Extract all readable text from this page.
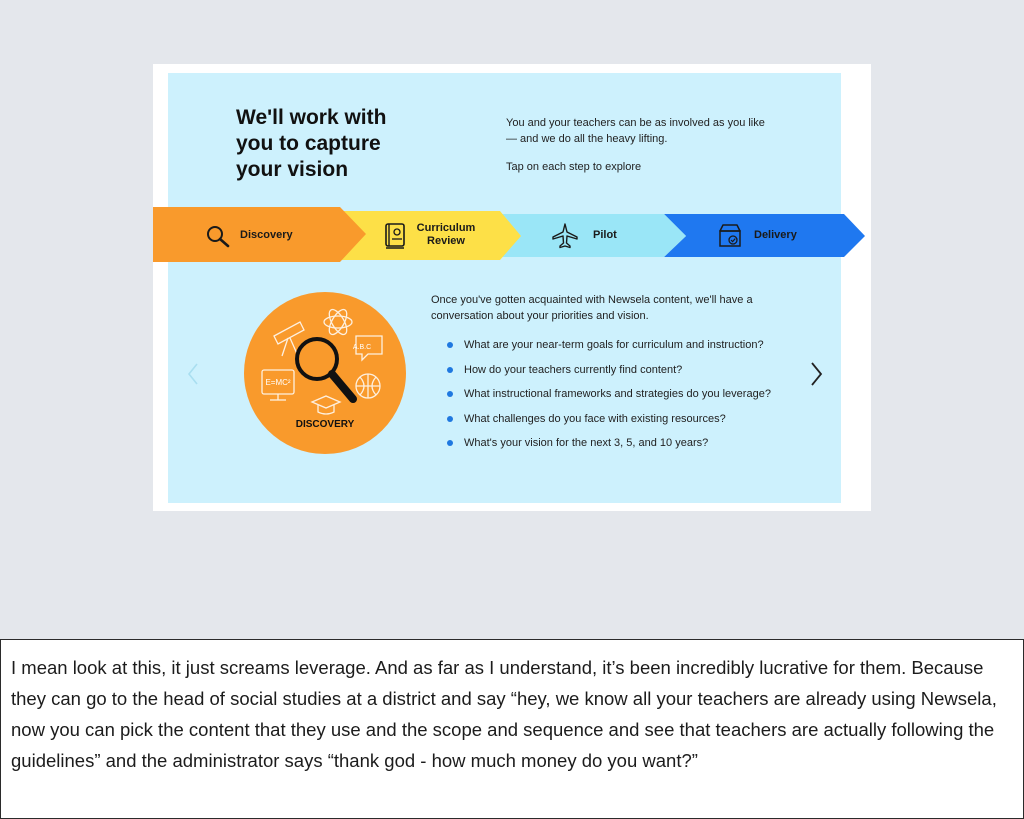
We'll work with
you to capture
your vision
You and your teachers can be as involved as you like — and we do all the heavy lifting.
Tap on each step to explore
Discovery
Curriculum Review	Pilot	Delivery
A.B.C
E=MC²
DISCOVERY

Once you've gotten acquainted with Newsela content, we'll have a conversation about your priorities and vision.

What are your near-term goals for curriculum and instruction?
How do your teachers currently find content?
What instructional frameworks and strategies do you leverage?
What challenges do you face with existing resources?
What's your vision for the next 3, 5, and 10 years?

I mean look at this, it just screams leverage. And as far as I understand, it’s been incredibly lucrative for them. Because they can go to the head of social studies at a district and say “hey, we know all your teachers are already using Newsela, now you can pick the content that they use and the scope and sequence and see that teachers are actually following the guidelines” and the administrator says “thank god - how much money do you want?”
